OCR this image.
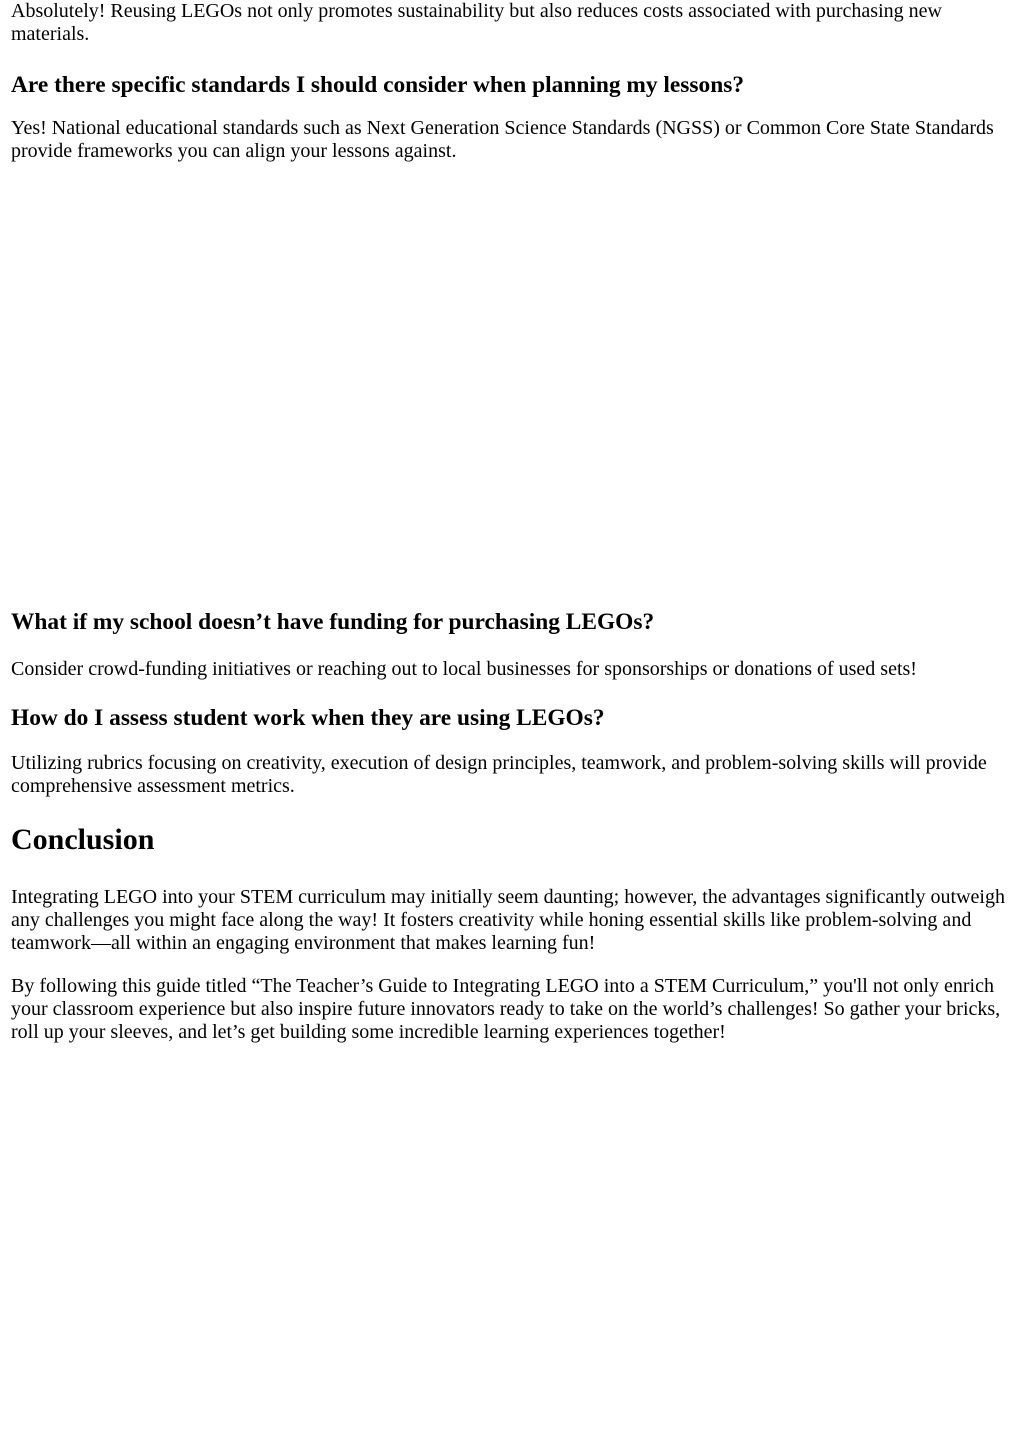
Absolutely! Reusing LEGOs not only promotes sustainability but also reduces costs associated with purchasing new materials.

Are there specific standards I should consider when planning my lessons?

Yes! National educational standards such as Next Generation Science Standards (NGSS) or Common Core State Standards provide frameworks you can align your lessons against.

What if my school doesn’t have funding for purchasing LEGOs?

Consider crowd-funding initiatives or reaching out to local businesses for sponsorships or donations of used sets!

How do I assess student work when they are using LEGOs?

Utilizing rubrics focusing on creativity, execution of design principles, teamwork, and problem-solving skills will provide comprehensive assessment metrics.

Conclusion

Integrating LEGO into your STEM curriculum may initially seem daunting; however, the advantages significantly outweigh any challenges you might face along the way! It fosters creativity while honing essential skills like problem-solving and teamwork—all within an engaging environment that makes learning fun!

By following this guide titled “The Teacher’s Guide to Integrating LEGO into a STEM Curriculum,” you'll not only enrich your classroom experience but also inspire future innovators ready to take on the world’s challenges! So gather your bricks, roll up your sleeves, and let’s get building some incredible learning experiences together!
